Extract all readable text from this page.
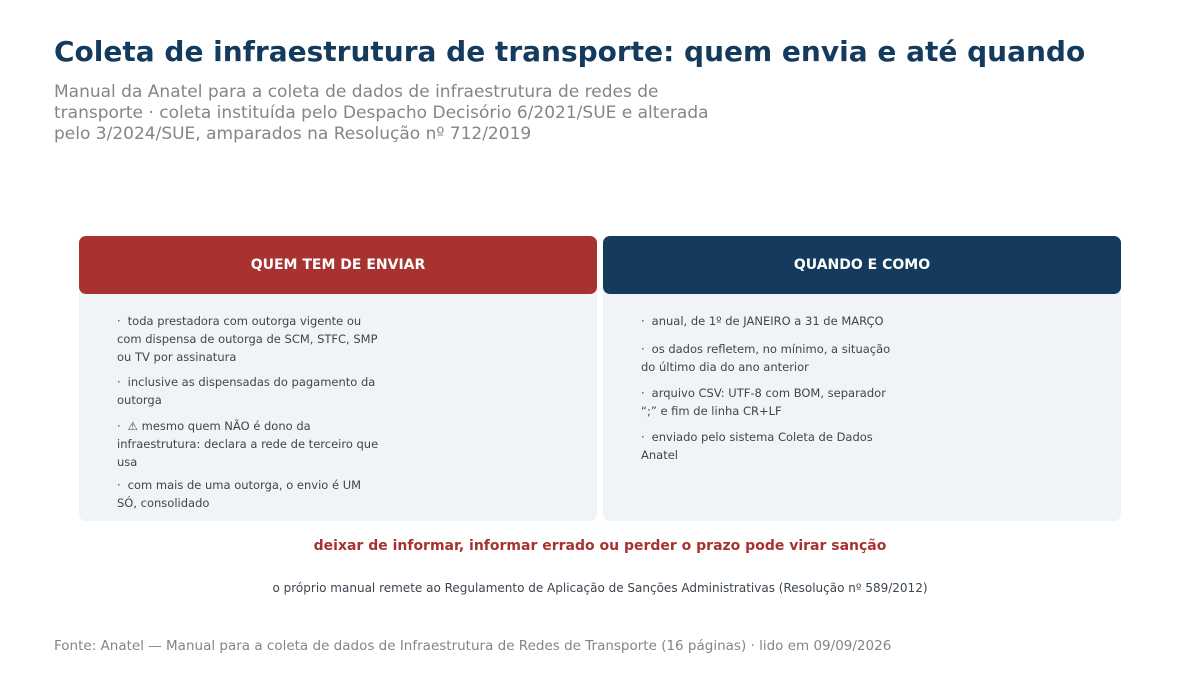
Coleta de infraestrutura de transporte: quem envia e até quando

Manual da Anatel para a coleta de dados de infraestrutura de redes de transporte · coleta instituída pelo Despacho Decisório 6/2021/SUE e alterada pelo 3/2024/SUE, amparados na Resolução nº 712/2019

QUEM TEM DE ENVIAR

· toda prestadora com outorga vigente ou com dispensa de outorga de SCM, STFC, SMP ou TV por assinatura

· inclusive as dispensadas do pagamento da outorga

· ⚠ mesmo quem NÃO é dono da infraestrutura: declara a rede de terceiro que usa

· com mais de uma outorga, o envio é UM SÓ, consolidado

QUANDO E COMO

· anual, de 1º de JANEIRO a 31 de MARÇO

· os dados refletem, no mínimo, a situação do último dia do ano anterior

· arquivo CSV: UTF-8 com BOM, separador “;” e fim de linha CR+LF

· enviado pelo sistema Coleta de Dados Anatel

deixar de informar, informar errado ou perder o prazo pode virar sanção
o próprio manual remete ao Regulamento de Aplicação de Sanções Administrativas (Resolução nº 589/2012)
Fonte: Anatel — Manual para a coleta de dados de Infraestrutura de Redes de Transporte (16 páginas) · lido em 09/09/2026
